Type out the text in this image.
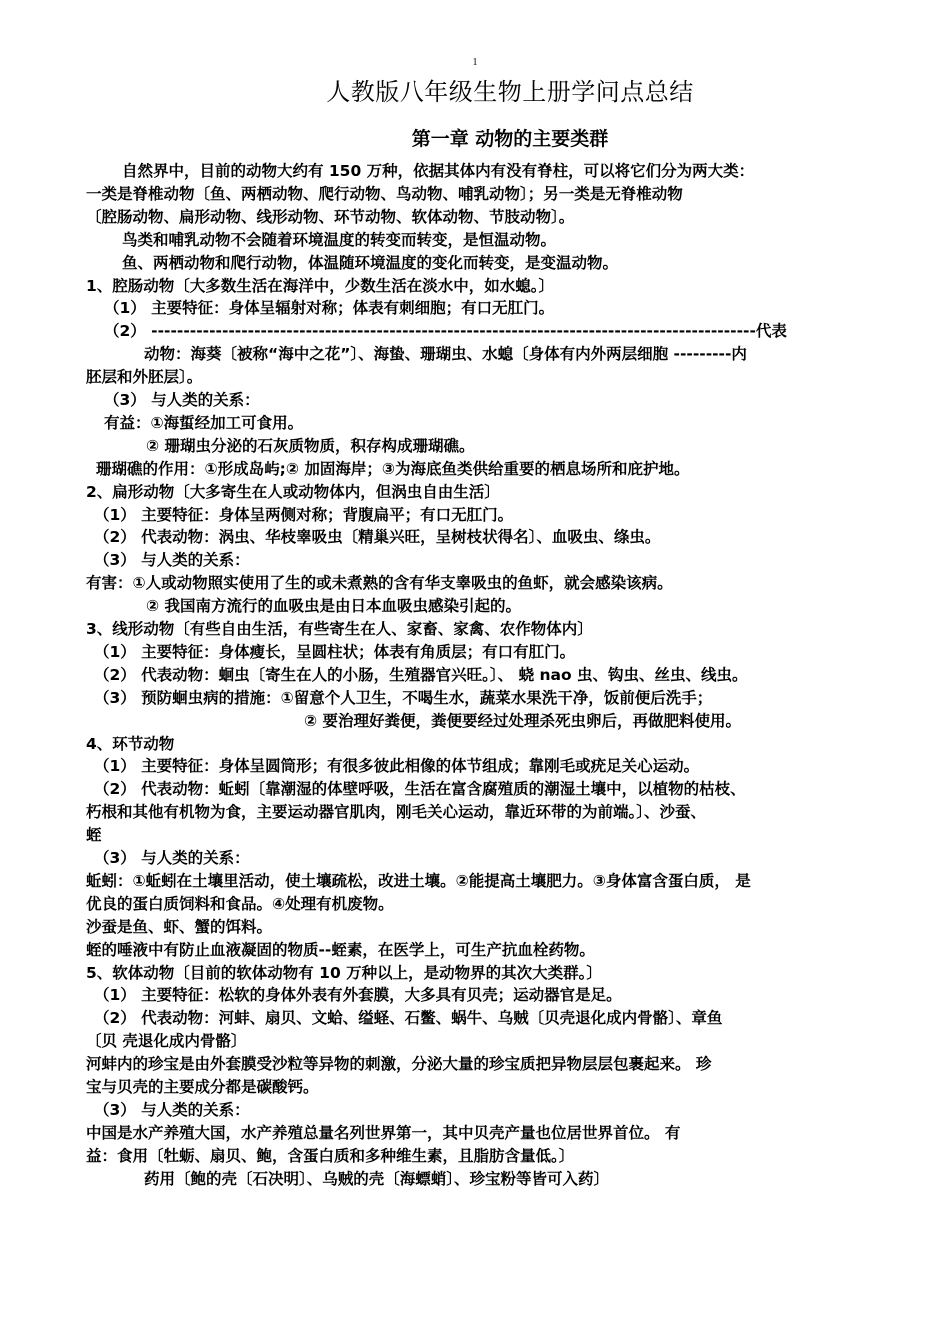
1
人教版八年级生物上册学问点总结
第一章 动物的主要类群
自然界中，目前的动物大约有 150 万种，依据其体内有没有脊柱，可以将它们分为两大类：
一类是脊椎动物〔鱼、两栖动物、爬行动物、鸟动物、哺乳动物〕；另一类是无脊椎动物
〔腔肠动物、扁形动物、线形动物、环节动物、软体动物、节肢动物〕。
鸟类和哺乳动物不会随着环境温度的转变而转变，是恒温动物。
鱼、两栖动物和爬行动物，体温随环境温度的变化而转变，是变温动物。
1、腔肠动物〔大多数生活在海洋中，少数生活在淡水中，如水螅。〕
（1） 主要特征：身体呈辐射对称；体表有刺细胞；有口无肛门。
（2） ----------------------------------------------------------------------------------------------代表
动物：海葵〔被称“海中之花”〕、海蛰、珊瑚虫、水螅〔身体有内外两层细胞 ---------内
胚层和外胚层〕。
（3） 与人类的关系：
有益：①海蜇经加工可食用。
② 珊瑚虫分泌的石灰质物质，积存构成珊瑚礁。
珊瑚礁的作用：①形成岛屿;② 加固海岸；③为海底鱼类供给重要的栖息场所和庇护地。
2、扁形动物〔大多寄生在人或动物体内，但涡虫自由生活〕
（1） 主要特征：身体呈两侧对称；背腹扁平；有口无肛门。
（2） 代表动物：涡虫、华枝睾吸虫〔精巢兴旺，呈树枝状得名〕、血吸虫、绦虫。
（3） 与人类的关系：
有害：①人或动物照实使用了生的或未煮熟的含有华支睾吸虫的鱼虾，就会感染该病。
② 我国南方流行的血吸虫是由日本血吸虫感染引起的。
3、线形动物〔有些自由生活，有些寄生在人、家畜、家禽、农作物体内〕
（1） 主要特征：身体瘦长，呈圆柱状；体表有角质层；有口有肛门。
（2） 代表动物：蛔虫〔寄生在人的小肠，生殖器官兴旺。〕、 蛲 nao 虫、钩虫、丝虫、线虫。
（3） 预防蛔虫病的措施：①留意个人卫生，不喝生水，蔬菜水果洗干净，饭前便后洗手；
② 要治理好粪便，粪便要经过处理杀死虫卵后，再做肥料使用。
4、环节动物
（1） 主要特征：身体呈圆筒形；有很多彼此相像的体节组成；靠刚毛或疣足关心运动。
（2） 代表动物：蚯蚓〔靠潮湿的体壁呼吸，生活在富含腐殖质的潮湿土壤中，以植物的枯枝、
朽根和其他有机物为食，主要运动器官肌肉，刚毛关心运动，靠近环带的为前端。〕、沙蚕、
蛭
（3） 与人类的关系：
蚯蚓：①蚯蚓在土壤里活动，使土壤疏松，改进土壤。②能提高土壤肥力。③身体富含蛋白质， 是
优良的蛋白质饲料和食品。④处理有机废物。
沙蚕是鱼、虾、蟹的饵料。
蛭的唾液中有防止血液凝固的物质--蛭素，在医学上，可生产抗血栓药物。
5、软体动物〔目前的软体动物有 10 万种以上，是动物界的其次大类群。〕
（1） 主要特征：松软的身体外表有外套膜，大多具有贝壳；运动器官是足。
（2） 代表动物：河蚌、扇贝、文蛤、缢蛏、石鳖、蜗牛、乌贼〔贝壳退化成内骨骼〕、章鱼
〔贝 壳退化成内骨骼〕
河蚌内的珍宝是由外套膜受沙粒等异物的刺激，分泌大量的珍宝质把异物层层包裹起来。 珍
宝与贝壳的主要成分都是碳酸钙。
（3） 与人类的关系：
中国是水产养殖大国，水产养殖总量名列世界第一，其中贝壳产量也位居世界首位。 有
益：食用〔牡蛎、扇贝、鲍，含蛋白质和多种维生素，且脂肪含量低。〕
药用〔鲍的壳〔石决明〕、乌贼的壳〔海螵蛸〕、珍宝粉等皆可入药〕
